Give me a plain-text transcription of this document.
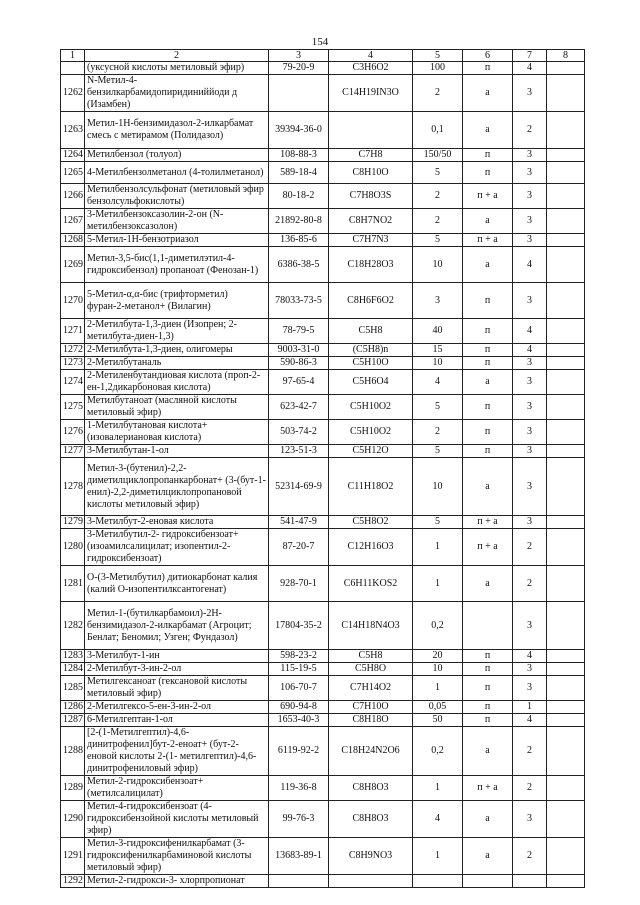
154
1	2	3	4	5	6	7	8
	(уксусной кислоты метиловый эфир)	79-20-9	C3H6O2	100	п	4	
1262	N-Метил-4-бензилкарбамидопиридиниййоди д (Изамбен)		C14H19IN3O	2	а	3	
1263	Метил-1Н-бензимидазол-2-илкарбамат смесь с метирамом (Полидазол)	39394-36-0		0,1	а	2	
1264	Метилбензол (толуол)	108-88-3	C7H8	150/50	п	3	
1265	4-Метилбензолметанол (4-толилметанол)	589-18-4	C8H10O	5	п	3	
1266	Метилбензолсульфонат (метиловый эфир бензолсульфокислоты)	80-18-2	C7H8O3S	2	п + а	3	
1267	3-Метилбензоксазолин-2-он (N-метилбензоксазолон)	21892-80-8	C8H7NO2	2	а	3	
1268	5-Метил-1Н-бензотриазол	136-85-6	C7H7N3	5	п + а	3	
1269	Метил-3,5-бис(1,1-диметилэтил-4-гидроксибензол) пропаноат (Фенозан-1)	6386-38-5	C18H28O3	10	а	4	
1270	5-Метил-α,α-бис (трифторметил) фуран-2-метанол+ (Вилагин)	78033-73-5	C8H6F6O2	3	п	3	
1271	2-Метилбута-1,3-диен (Изопрен; 2-метилбута-диен-1,3)	78-79-5	C5H8	40	п	4	
1272	2-Метилбута-1,3-диен, олигомеры	9003-31-0	(C5H8)n	15	п	4	
1273	2-Метилбутаналь	590-86-3	C5H10O	10	п	3	
1274	2-Метиленбутандиовая кислота (проп-2-ен-1,2дикарбоновая кислота)	97-65-4	C5H6O4	4	а	3	
1275	Метилбутаноат (масляной кислоты метиловый эфир)	623-42-7	C5H10O2	5	п	3	
1276	1-Метилбутановая кислота+ (изовалериановая кислота)	503-74-2	C5H10O2	2	п	3	
1277	3-Метилбутан-1-ол	123-51-3	C5H12O	5	п	3	
1278	Метил-3-(бутенил)-2,2-диметилциклопропанкарбонат+ (3-(бут-1-енил)-2,2-диметилциклопропановой кислоты метиловый эфир)	52314-69-9	C11H18O2	10	а	3	
1279	3-Метилбут-2-еновая кислота	541-47-9	C5H8O2	5	п + а	3	
1280	3-Метилбутил-2- гидроксибензоат+ (изоамилсалицилат; изопентил-2-гидроксибензоат)	87-20-7	C12H16O3	1	п + а	2	
1281	O-(3-Метилбутил) дитиокарбонат калия (калий O-изопентилксантогенат)	928-70-1	C6H11KOS2	1	а	2	
1282	Метил-1-(бутилкарбамоил)-2Н-бензимидазол-2-илкарбамат (Агроцит; Бенлат; Беномил; Узген; Фундазол)	17804-35-2	C14H18N4O3	0,2		3	
1283	3-Метилбут-1-ин	598-23-2	C5H8	20	п	4	
1284	2-Метилбут-3-ин-2-ол	115-19-5	C5H8O	10	п	3	
1285	Метилгексаноат (гексановой кислоты метиловый эфир)	106-70-7	C7H14O2	1	п	3	
1286	2-Метилгексо-5-ен-3-ин-2-ол	690-94-8	C7H10O	0,05	п	1	
1287	6-Метилгептан-1-ол	1653-40-3	C8H18O	50	п	4	
1288	[2-(1-Метилгептил)-4,6-динитрофенил]бут-2-еноат+ (бут-2-еновой кислоты 2-(1- метилгептил)-4,6- динитрофениловый эфир)	6119-92-2	C18H24N2O6	0,2	а	2	
1289	Метил-2-гидроксибензоат+ (метилсалицилат)	119-36-8	C8H8O3	1	п + а	2	
1290	Метил-4-гидроксибензоат (4-гидроксибензойной кислоты метиловый эфир)	99-76-3	C8H8O3	4	а	3	
1291	Метил-3-гидроксифенилкарбамат (3-гидроксифенилкарбаминовой кислоты метиловый эфир)	13683-89-1	C8H9NO3	1	а	2	
1292	Метил-2-гидрокси-3- хлорпропионат						
